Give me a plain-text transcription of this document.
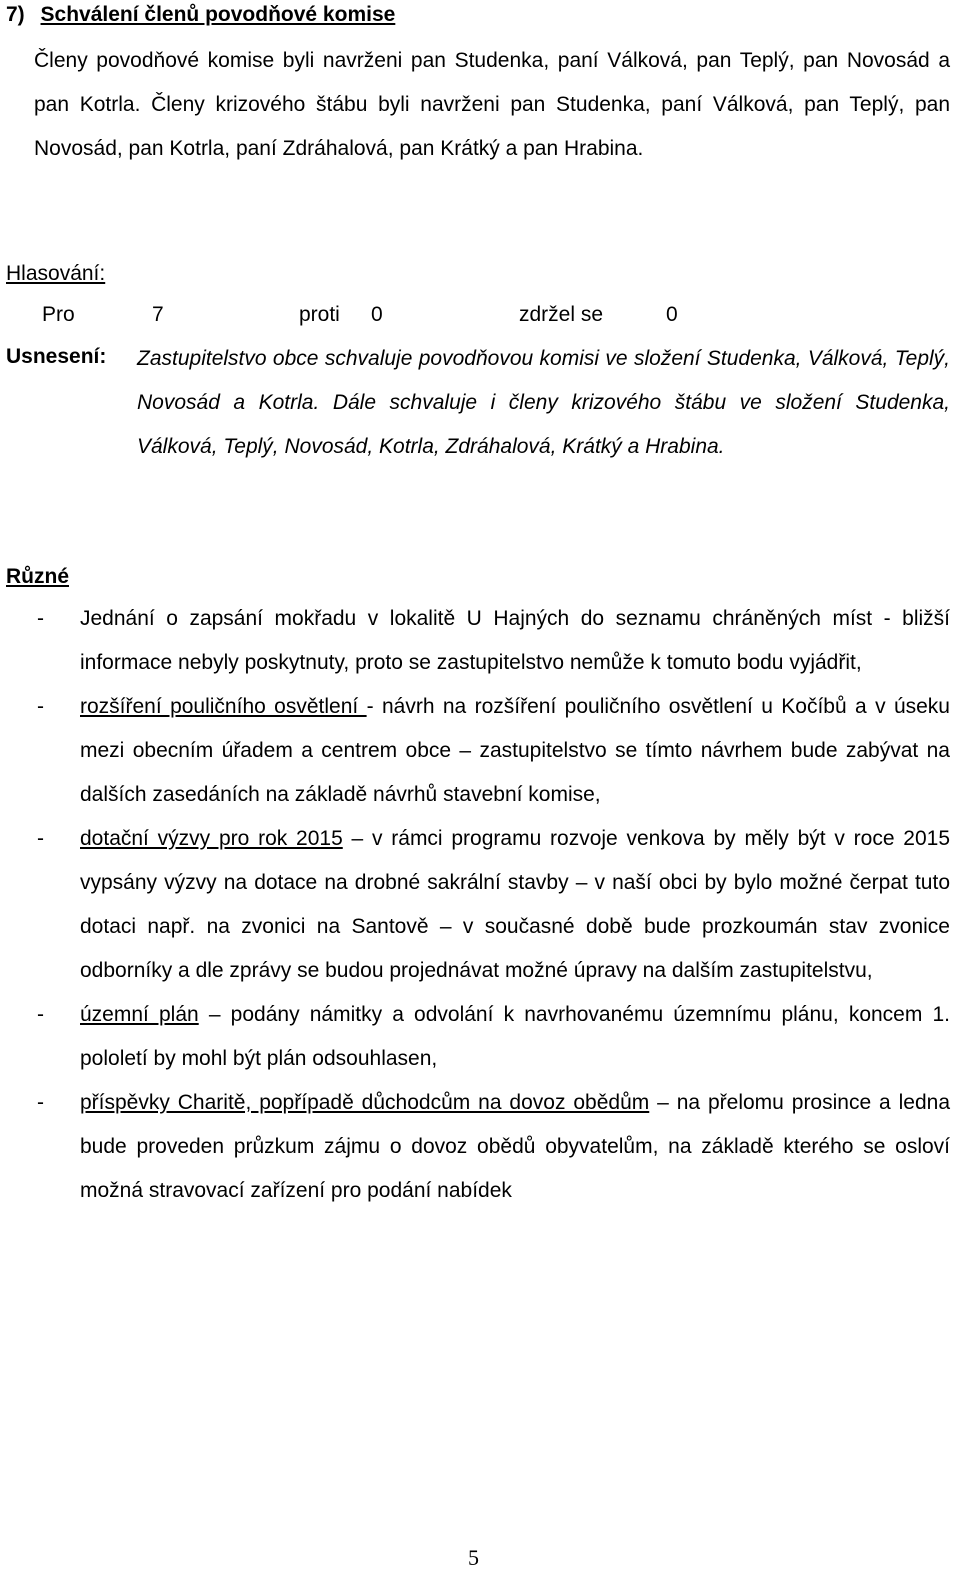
7) Schválení členů povodňové komise

Členy povodňové komise byli navrženi pan Studenka, paní Válková, pan Teplý, pan Novosád a pan Kotrla. Členy krizového štábu byli navrženi pan Studenka, paní Válková, pan Teplý, pan Novosád, pan Kotrla, paní Zdráhalová, pan Krátký a pan Hrabina.

Hlasování:
Pro	7	proti 0	zdržel se	0
Usnesení: Zastupitelstvo obce schvaluje povodňovou komisi ve složení Studenka, Válková, Teplý, Novosád a Kotrla. Dále schvaluje i členy krizového štábu ve složení Studenka, Válková, Teplý, Novosád, Kotrla, Zdráhalová, Krátký a Hrabina.

Různé
- Jednání o zapsání mokřadu v lokalitě U Hajných do seznamu chráněných míst - bližší informace nebyly poskytnuty, proto se zastupitelstvo nemůže k tomuto bodu vyjádřit,
- rozšíření pouličního osvětlení - návrh na rozšíření pouličního osvětlení u Kočíbů a v úseku mezi obecním úřadem a centrem obce – zastupitelstvo se tímto návrhem bude zabývat na dalších zasedáních na základě návrhů stavební komise,
- dotační výzvy pro rok 2015 – v rámci programu rozvoje venkova by měly být v roce 2015 vypsány výzvy na dotace na drobné sakrální stavby – v naší obci by bylo možné čerpat tuto dotaci např. na zvonici na Santově – v současné době bude prozkoumán stav zvonice odborníky a dle zprávy se budou projednávat možné úpravy na dalším zastupitelstvu,
- územní plán – podány námitky a odvolání k navrhovanému územnímu plánu, koncem 1. pololetí by mohl být plán odsouhlasen,
- příspěvky Charitě, popřípadě důchodcům na dovoz obědům – na přelomu prosince a ledna bude proveden průzkum zájmu o dovoz obědů obyvatelům, na základě kterého se osloví možná stravovací zařízení pro podání nabídek
5
